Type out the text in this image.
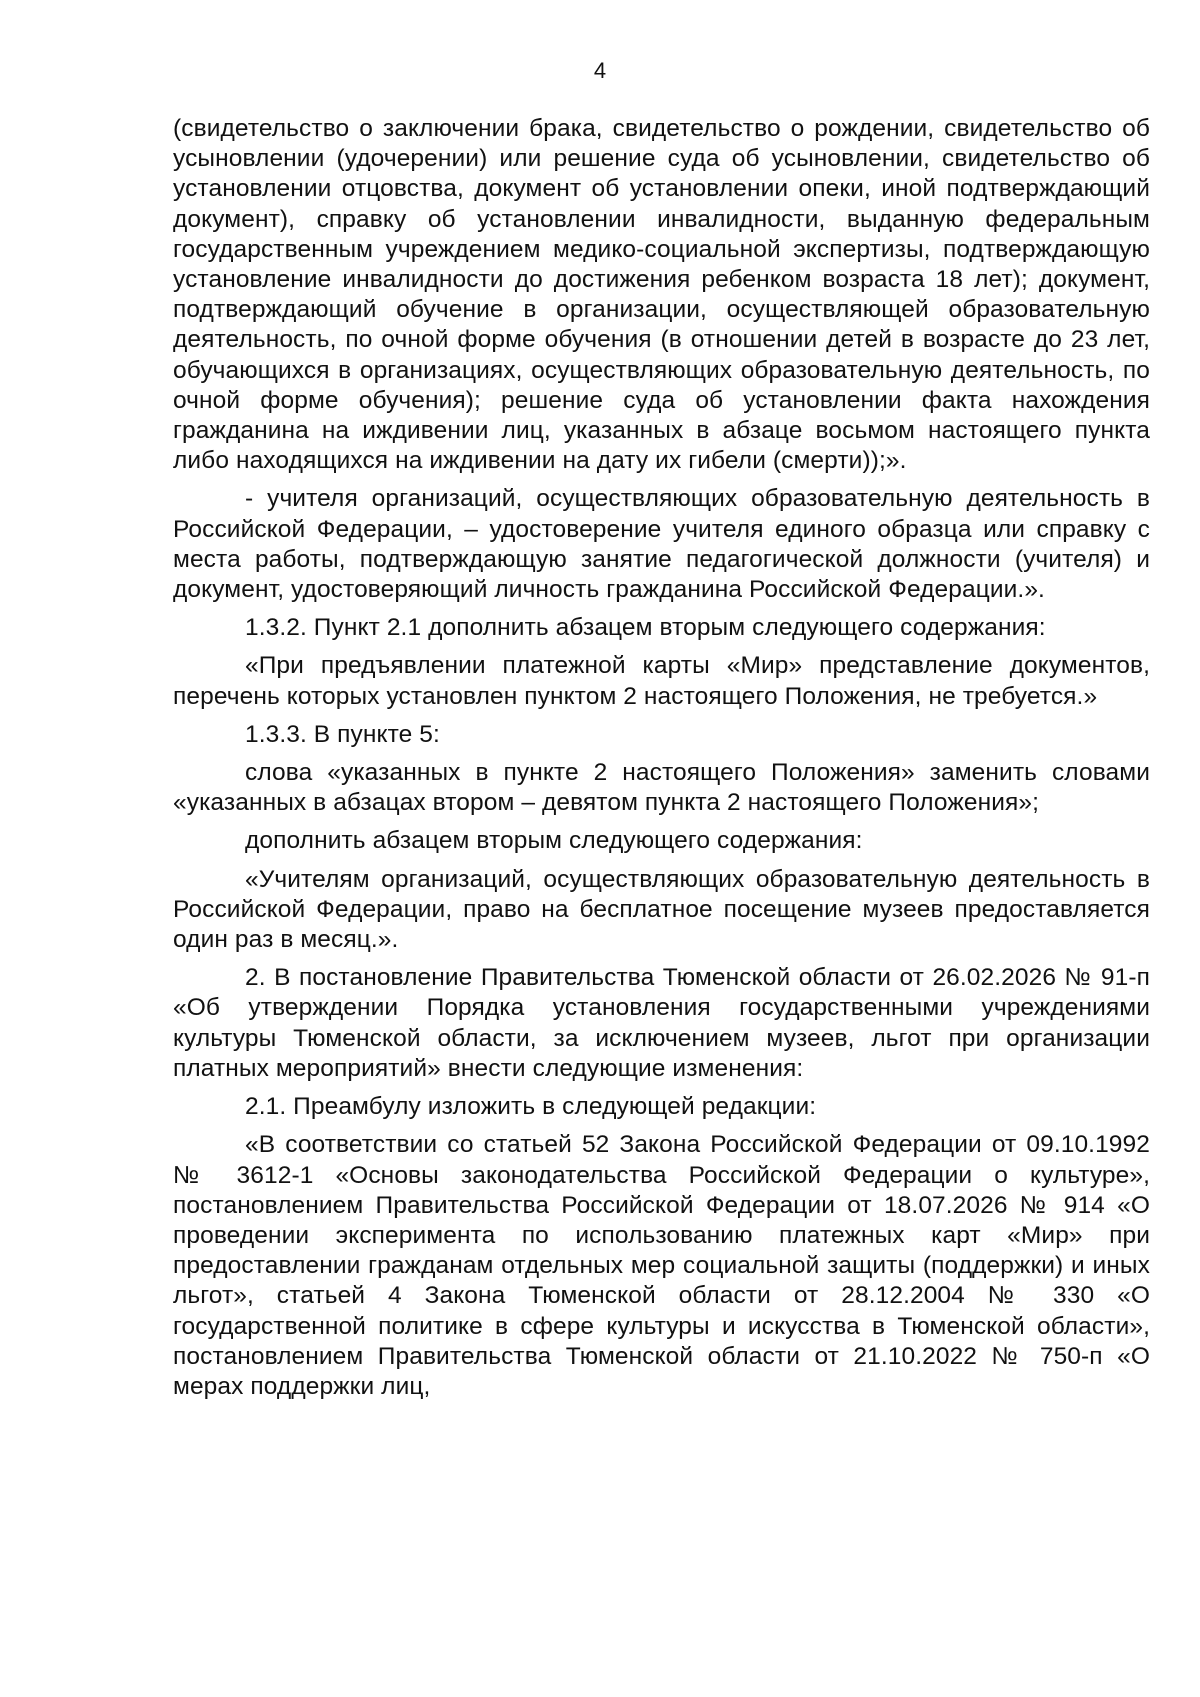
4

(свидетельство о заключении брака, свидетельство о рождении, свидетельство об усыновлении (удочерении) или решение суда об усыновлении, свидетельство об установлении отцовства, документ об установлении опеки, иной подтверждающий документ), справку об установлении инвалидности, выданную федеральным государственным учреждением медико-социальной экспертизы, подтверждающую установление инвалидности до достижения ребенком возраста 18 лет); документ, подтверждающий обучение в организации, осуществляющей образовательную деятельность, по очной форме обучения (в отношении детей в возрасте до 23 лет, обучающихся в организациях, осуществляющих образовательную деятельность, по очной форме обучения); решение суда об установлении факта нахождения гражданина на иждивении лиц, указанных в абзаце восьмом настоящего пункта либо находящихся на иждивении на дату их гибели (смерти));».

- учителя организаций, осуществляющих образовательную деятельность в Российской Федерации, – удостоверение учителя единого образца или справку с места работы, подтверждающую занятие педагогической должности (учителя) и документ, удостоверяющий личность гражданина Российской Федерации.».

1.3.2. Пункт 2.1 дополнить абзацем вторым следующего содержания:

«При предъявлении платежной карты «Мир» представление документов, перечень которых установлен пунктом 2 настоящего Положения, не требуется.»

1.3.3. В пункте 5:

слова «указанных в пункте 2 настоящего Положения» заменить словами «указанных в абзацах втором – девятом пункта 2 настоящего Положения»;

дополнить абзацем вторым следующего содержания:

«Учителям организаций, осуществляющих образовательную деятельность в Российской Федерации, право на бесплатное посещение музеев предоставляется один раз в месяц.».

2. В постановление Правительства Тюменской области от 26.02.2026 № 91-п «Об утверждении Порядка установления государственными учреждениями культуры Тюменской области, за исключением музеев, льгот при организации платных мероприятий» внести следующие изменения:

2.1. Преамбулу изложить в следующей редакции:

«В соответствии со статьей 52 Закона Российской Федерации от 09.10.1992 № 3612-1 «Основы законодательства Российской Федерации о культуре», постановлением Правительства Российской Федерации от 18.07.2026 № 914 «О проведении эксперимента по использованию платежных карт «Мир» при предоставлении гражданам отдельных мер социальной защиты (поддержки) и иных льгот», статьей 4 Закона Тюменской области от 28.12.2004 № 330 «О государственной политике в сфере культуры и искусства в Тюменской области», постановлением Правительства Тюменской области от 21.10.2022 № 750-п «О мерах поддержки лиц,
